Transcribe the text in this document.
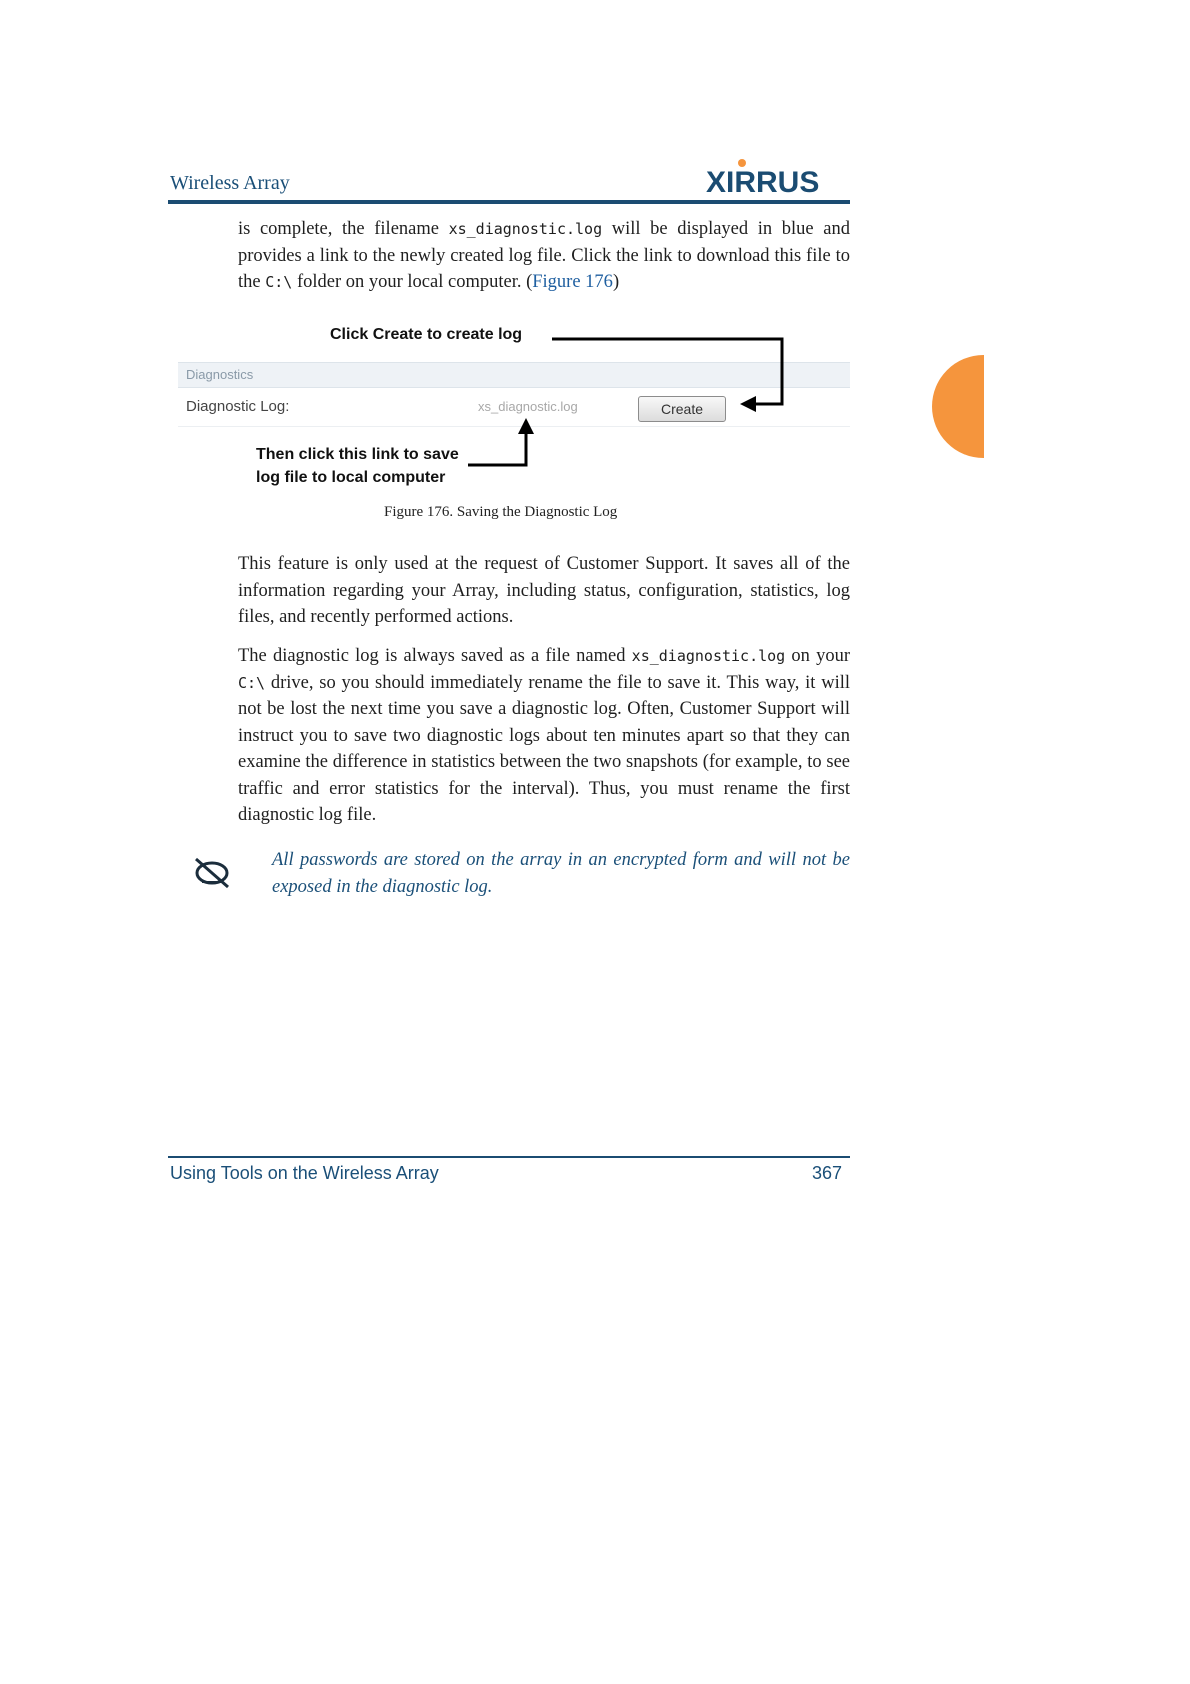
Wireless Array	XIRRUS
is complete, the filename xs_diagnostic.log will be displayed in blue and provides a link to the newly created log file. Click the link to download this file to the C:\ folder on your local computer. (Figure 176)
Click Create to create log
Diagnostics
Diagnostic Log:	xs_diagnostic.log	Create
Then click this link to save
log file to local computer
Figure 176. Saving the Diagnostic Log
This feature is only used at the request of Customer Support. It saves all of the information regarding your Array, including status, configuration, statistics, log files, and recently performed actions.
The diagnostic log is always saved as a file named xs_diagnostic.log on your C:\ drive, so you should immediately rename the file to save it. This way, it will not be lost the next time you save a diagnostic log. Often, Customer Support will instruct you to save two diagnostic logs about ten minutes apart so that they can examine the difference in statistics between the two snapshots (for example, to see traffic and error statistics for the interval). Thus, you must rename the first diagnostic log file.
All passwords are stored on the array in an encrypted form and will not be exposed in the diagnostic log.
Using Tools on the Wireless Array	367
